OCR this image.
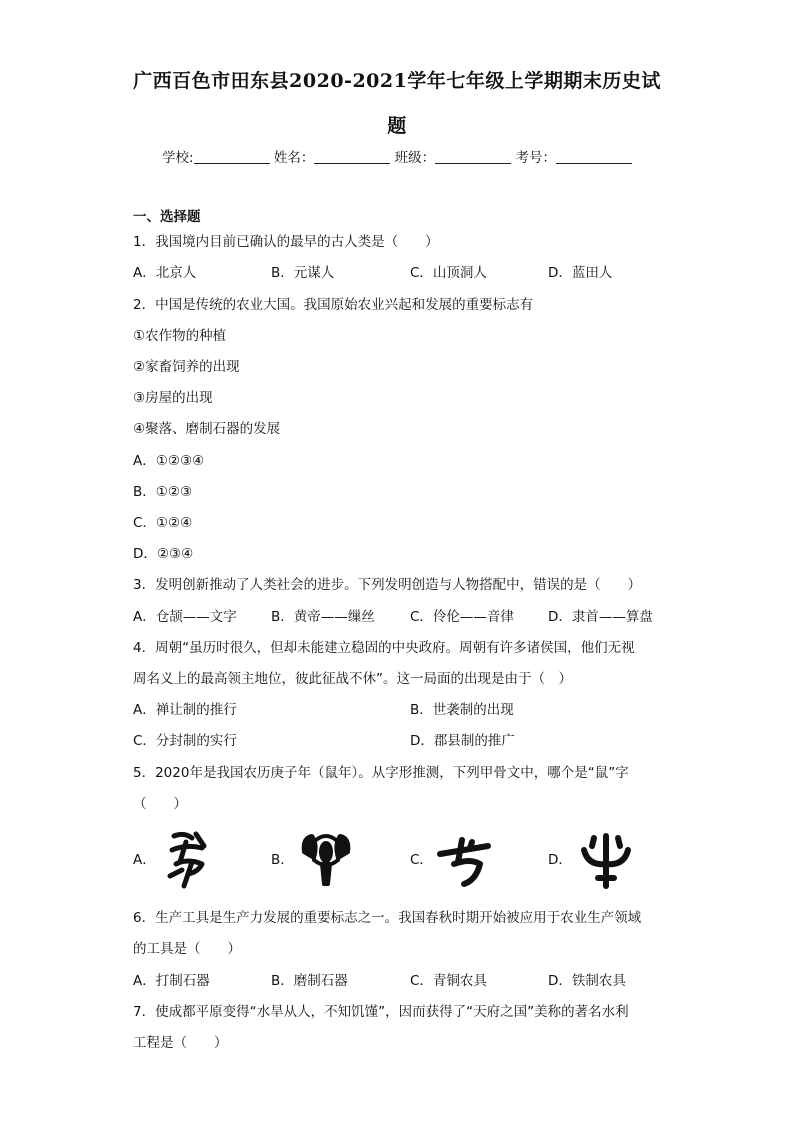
广西百色市田东县2020-2021学年七年级上学期期末历史试
题
学校:	姓名：	班级：	考号：
一、选择题
1．我国境内目前已确认的最早的古人类是（　　）
A．北京人	B．元谋人	C．山顶洞人	D．蓝田人
2．中国是传统的农业大国。我国原始农业兴起和发展的重要标志有
①农作物的种植
②家畜饲养的出现
③房屋的出现
④聚落、磨制石器的发展
A．①②③④
B．①②③
C．①②④
D．②③④
3．发明创新推动了人类社会的进步。下列发明创造与人物搭配中，错误的是（　　）
A．仓颉——文字	B．黄帝——缫丝	C．伶伦——音律	D．隶首——算盘
4．周朝“虽历时很久，但却未能建立稳固的中央政府。周朝有许多诸侯国，他们无视
周名义上的最高领主地位，彼此征战不休”。这一局面的出现是由于（　）
A．禅让制的推行	B．世袭制的出现
C．分封制的实行	D．郡县制的推广
5．2020年是我国农历庚子年（鼠年）。从字形推测，下列甲骨文中，哪个是“鼠”字
（　　）
A．	B．	C．	D．
6．生产工具是生产力发展的重要标志之一。我国春秋时期开始被应用于农业生产领域
的工具是（　　）
A．打制石器	B．磨制石器	C．青铜农具	D．铁制农具
7．使成都平原变得“水旱从人，不知饥馑”，因而获得了“天府之国”美称的著名水利
工程是（　　）
